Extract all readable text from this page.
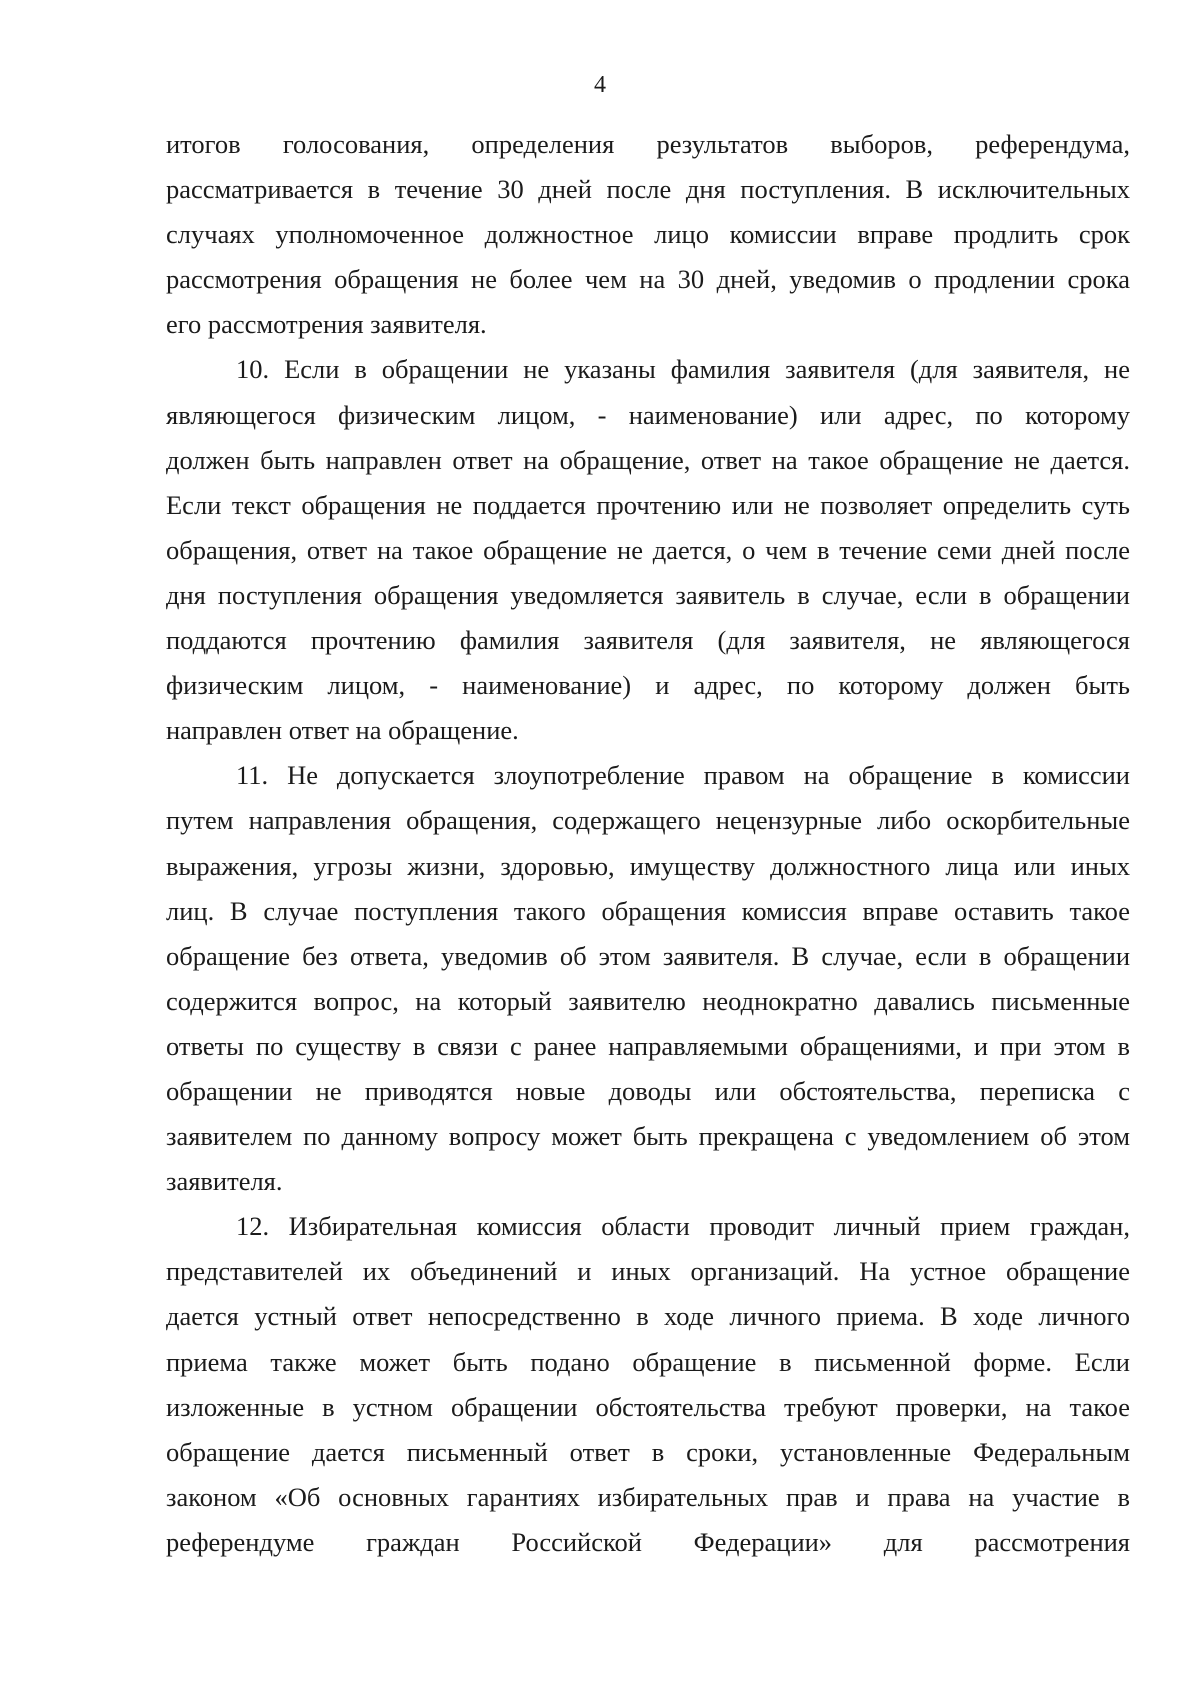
4
итогов голосования, определения результатов выборов, референдума,
рассматривается в течение 30 дней после дня поступления. В исключительных
случаях уполномоченное должностное лицо комиссии вправе продлить срок
рассмотрения обращения не более чем на 30 дней, уведомив о продлении срока
его рассмотрения заявителя.
10. Если в обращении не указаны фамилия заявителя (для заявителя, не
являющегося физическим лицом, - наименование) или адрес, по которому
должен быть направлен ответ на обращение, ответ на такое обращение не дается.
Если текст обращения не поддается прочтению или не позволяет определить суть
обращения, ответ на такое обращение не дается, о чем в течение семи дней после
дня поступления обращения уведомляется заявитель в случае, если в обращении
поддаются прочтению фамилия заявителя (для заявителя, не являющегося
физическим лицом, - наименование) и адрес, по которому должен быть
направлен ответ на обращение.
11. Не допускается злоупотребление правом на обращение в комиссии
путем направления обращения, содержащего нецензурные либо оскорбительные
выражения, угрозы жизни, здоровью, имуществу должностного лица или иных
лиц. В случае поступления такого обращения комиссия вправе оставить такое
обращение без ответа, уведомив об этом заявителя. В случае, если в обращении
содержится вопрос, на который заявителю неоднократно давались письменные
ответы по существу в связи с ранее направляемыми обращениями, и при этом в
обращении не приводятся новые доводы или обстоятельства, переписка с
заявителем по данному вопросу может быть прекращена с уведомлением об этом
заявителя.
12. Избирательная комиссия области проводит личный прием граждан,
представителей их объединений и иных организаций. На устное обращение
дается устный ответ непосредственно в ходе личного приема. В ходе личного
приема также может быть подано обращение в письменной форме. Если
изложенные в устном обращении обстоятельства требуют проверки, на такое
обращение дается письменный ответ в сроки, установленные Федеральным
законом «Об основных гарантиях избирательных прав и права на участие в
референдуме граждан Российской Федерации» для рассмотрения
